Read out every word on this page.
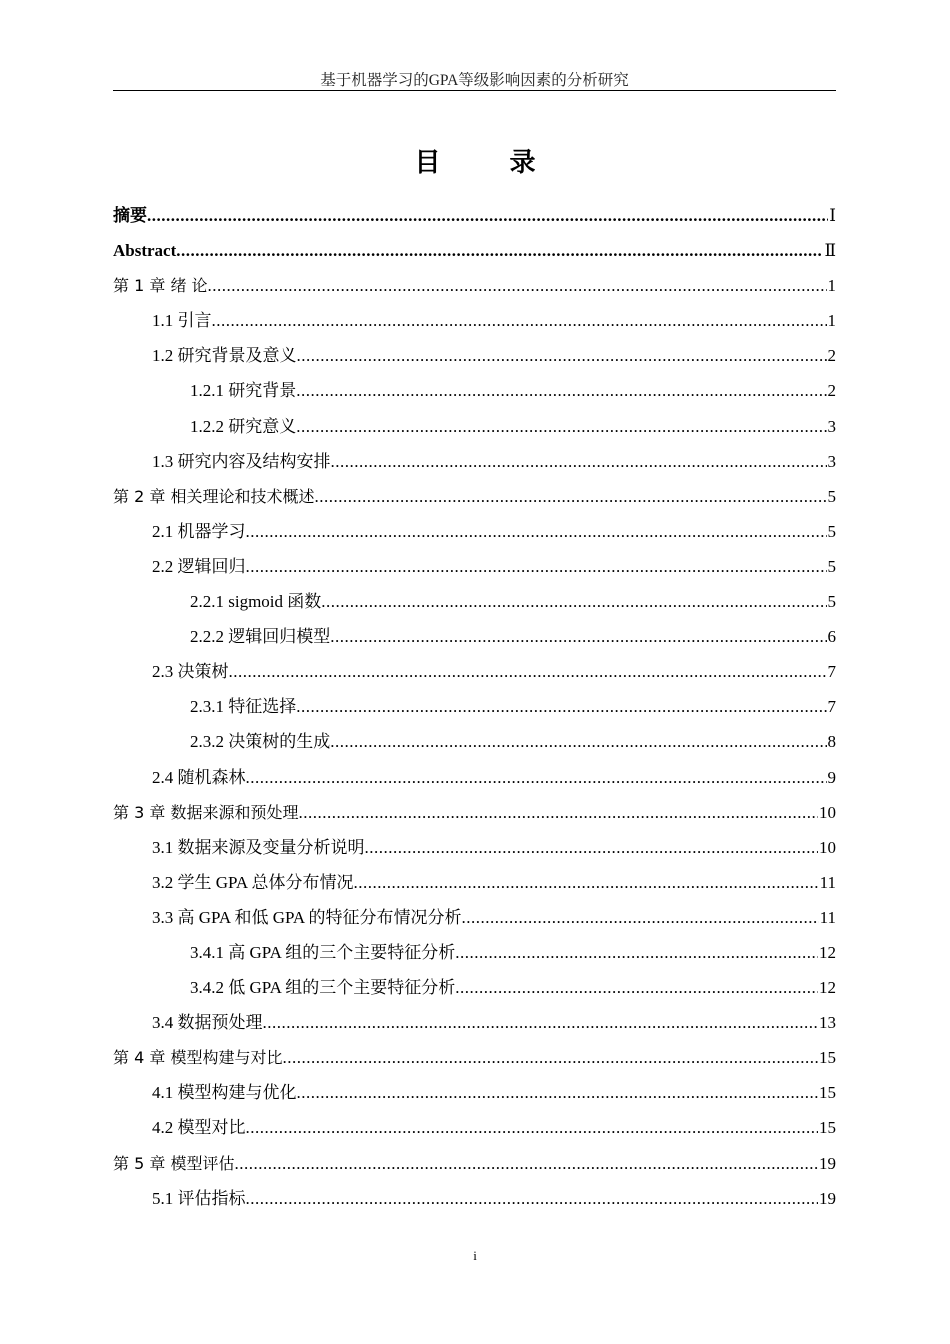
基于机器学习的GPA等级影响因素的分析研究
目 录
摘要 .....	Ⅰ
Abstract .....	Ⅱ
第 1 章 绪 论 .....	1
1.1 引言 .....	1
1.2 研究背景及意义 .....	2
1.2.1 研究背景 .....	2
1.2.2 研究意义 .....	3
1.3 研究内容及结构安排 .....	3
第 2 章 相关理论和技术概述 .....	5
2.1 机器学习 .....	5
2.2 逻辑回归 .....	5
2.2.1 sigmoid 函数 .....	5
2.2.2 逻辑回归模型 .....	6
2.3 决策树 .....	7
2.3.1 特征选择 .....	7
2.3.2 决策树的生成 .....	8
2.4 随机森林 .....	9
第 3 章 数据来源和预处理 .....	10
3.1 数据来源及变量分析说明 .....	10
3.2 学生 GPA 总体分布情况 .....	11
3.3 高 GPA 和低 GPA 的特征分布情况分析 .....	11
3.4.1 高 GPA 组的三个主要特征分析 .....	12
3.4.2 低 GPA 组的三个主要特征分析 .....	12
3.4 数据预处理 .....	13
第 4 章 模型构建与对比 .....	15
4.1 模型构建与优化 .....	15
4.2 模型对比 .....	15
第 5 章 模型评估 .....	19
5.1 评估指标 .....	19
i
